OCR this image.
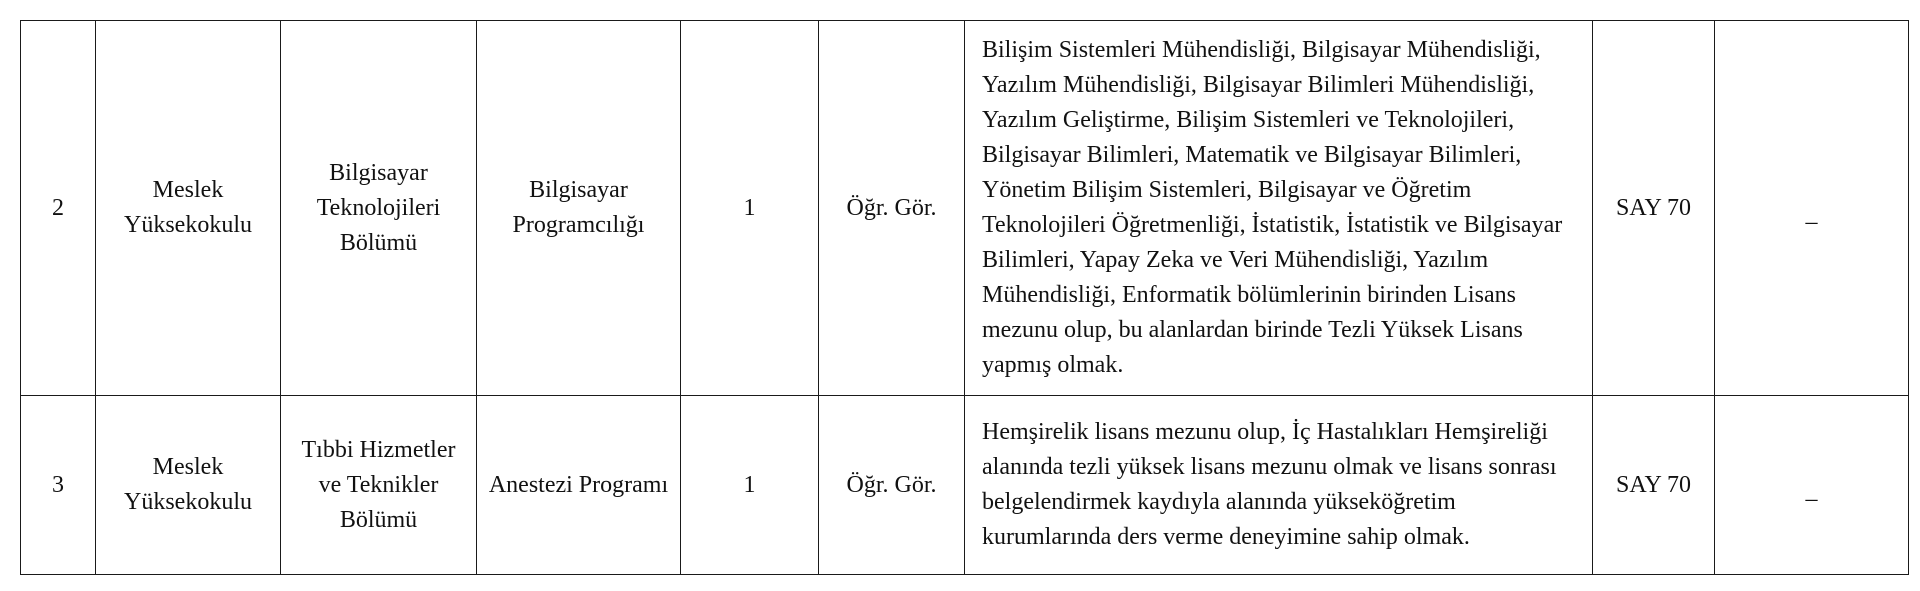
2	Meslek Yüksekokulu	Bilgisayar Teknolojileri Bölümü	Bilgisayar Programcılığı	1	Öğr. Gör.	Bilişim Sistemleri Mühendisliği, Bilgisayar Mühendisliği, Yazılım Mühendisliği, Bilgisayar Bilimleri Mühendisliği, Yazılım Geliştirme, Bilişim Sistemleri ve Teknolojileri, Bilgisayar Bilimleri, Matematik ve Bilgisayar Bilimleri, Yönetim Bilişim Sistemleri, Bilgisayar ve Öğretim Teknolojileri Öğretmenliği, İstatistik, İstatistik ve Bilgisayar Bilimleri, Yapay Zeka ve Veri Mühendisliği, Yazılım Mühendisliği, Enformatik bölümlerinin birinden Lisans mezunu olup, bu alanlardan birinde Tezli Yüksek Lisans yapmış olmak.	SAY 70	–
3	Meslek Yüksekokulu	Tıbbi Hizmetler ve Teknikler Bölümü	Anestezi Programı	1	Öğr. Gör.	Hemşirelik lisans mezunu olup, İç Hastalıkları Hemşireliği alanında tezli yüksek lisans mezunu olmak ve lisans sonrası belgelendirmek kaydıyla alanında yükseköğretim kurumlarında ders verme deneyimine sahip olmak.	SAY 70	–
